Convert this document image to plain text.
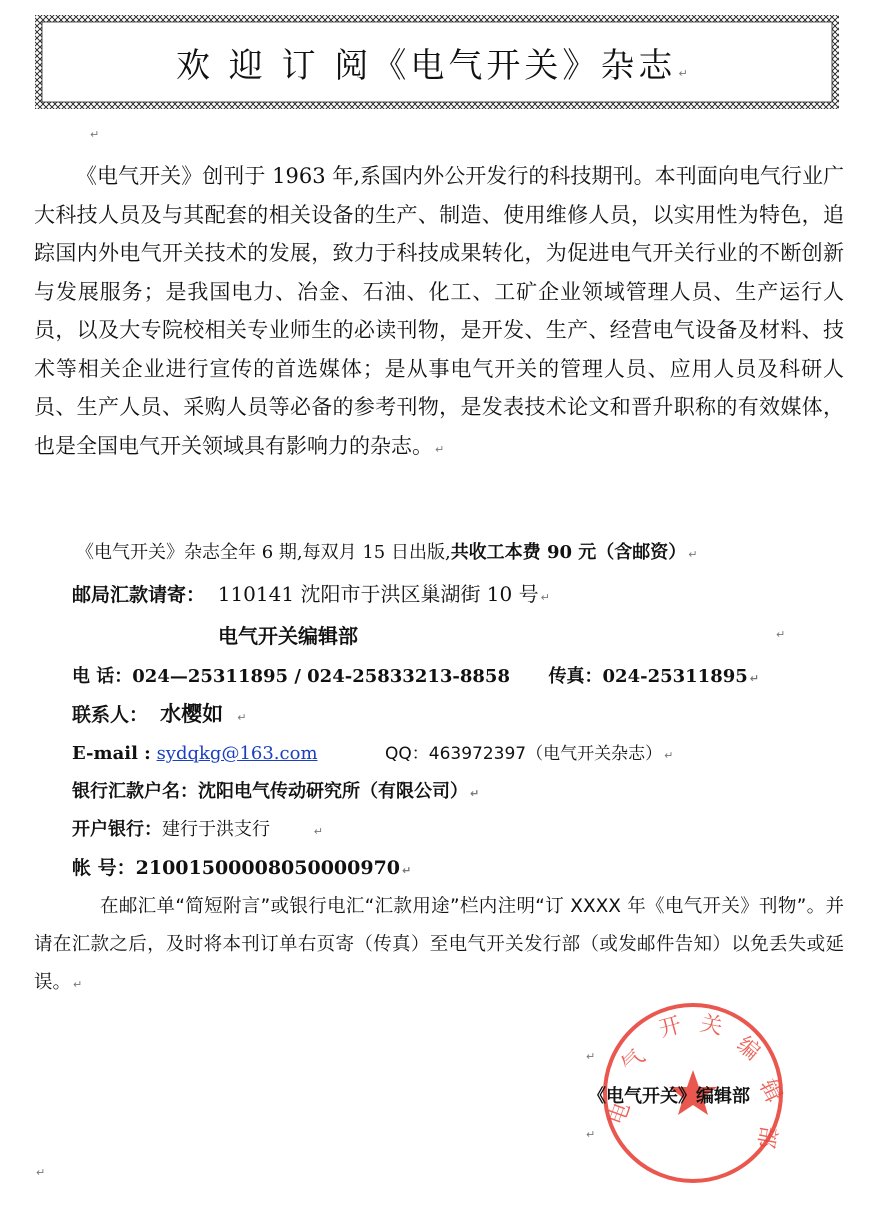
欢 迎 订 阅《电气开关》杂志 ↵
↵
《电气开关》创刊于 1963 年,系国内外公开发行的科技期刊。本刊面向电气行业广大科技人员及与其配套的相关设备的生产、制造、使用维修人员，以实用性为特色，追踪国内外电气开关技术的发展，致力于科技成果转化，为促进电气开关行业的不断创新与发展服务；是我国电力、冶金、石油、化工、工矿企业领域管理人员、生产运行人员，以及大专院校相关专业师生的必读刊物，是开发、生产、经营电气设备及材料、技术等相关企业进行宣传的首选媒体；是从事电气开关的管理人员、应用人员及科研人员、生产人员、采购人员等必备的参考刊物，是发表技术论文和晋升职称的有效媒体，也是全国电气开关领域具有影响力的杂志。 ↵
《电气开关》杂志全年 6 期,每双月 15 日出版,共收工本费 90 元（含邮资） ↵
邮局汇款请寄： 110141 沈阳市于洪区巢湖街 10 号 ↵
电气开关编辑部	↵
电 话：024—25311895 / 024-25833213-8858 传真：024-25311895 ↵
联系人： 水樱如 ↵
E-mail : sydqkg@163.com	QQ：463972397（电气开关杂志） ↵
银行汇款户名：沈阳电气传动研究所（有限公司） ↵
开户银行：建行于洪支行	↵
帐 号：21001500008050000970 ↵
在邮汇单“简短附言”或银行电汇“汇款用途”栏内注明“订 XXXX 年《电气开关》刊物”。并请在汇款之后，及时将本刊订单右页寄（传真）至电气开关发行部（或发邮件告知）以免丢失或延误。 ↵
电
气
开 关
编
辑
部
↵
《电气开关》编辑部
↵
↵
